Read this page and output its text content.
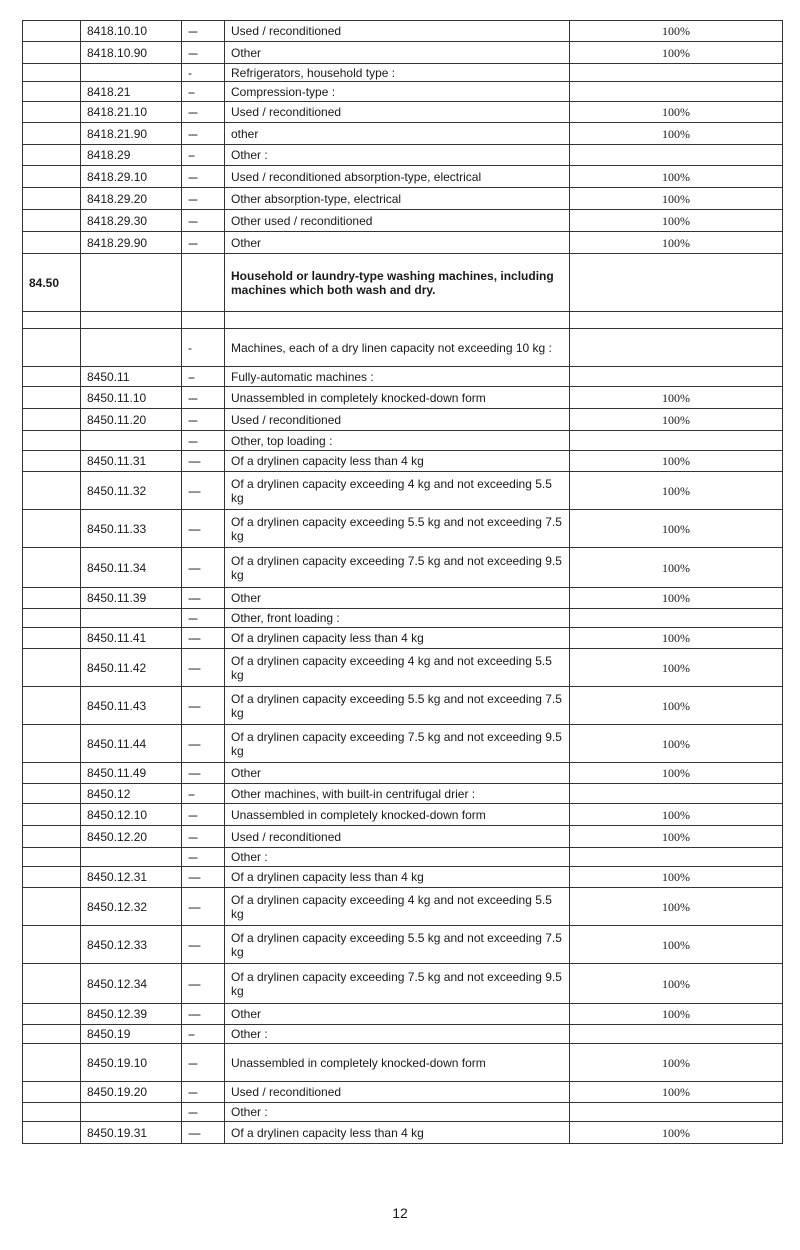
	8418.10.10	---	Used / reconditioned	100%
	8418.10.90	---	Other	100%
		-	Refrigerators, household type :	
	8418.21	--	Compression-type :	
	8418.21.10	---	Used / reconditioned	100%
	8418.21.90	---	other	100%
	8418.29	--	Other :	
	8418.29.10	---	Used / reconditioned absorption-type, electrical	100%
	8418.29.20	---	Other absorption-type, electrical	100%
	8418.29.30	---	Other used / reconditioned	100%
	8418.29.90	---	Other	100%
84.50			Household or laundry-type washing machines, including machines which both wash and dry.	

		-	Machines, each of a dry linen capacity not exceeding 10 kg :	
	8450.11	--	Fully-automatic machines :	
	8450.11.10	---	Unassembled in completely knocked-down form	100%
	8450.11.20	---	Used / reconditioned	100%
		---	Other, top loading :	
	8450.11.31	----	Of a drylinen capacity less than 4 kg	100%
	8450.11.32	----	Of a drylinen capacity exceeding 4 kg and not exceeding 5.5 kg	100%
	8450.11.33	----	Of a drylinen capacity exceeding 5.5 kg and not exceeding 7.5 kg	100%
	8450.11.34	----	Of a drylinen capacity exceeding 7.5 kg and not exceeding 9.5 kg	100%
	8450.11.39	----	Other	100%
		---	Other, front loading :	
	8450.11.41	----	Of a drylinen capacity less than 4 kg	100%
	8450.11.42	----	Of a drylinen capacity exceeding 4 kg and not exceeding 5.5 kg	100%
	8450.11.43	----	Of a drylinen capacity exceeding 5.5 kg and not exceeding 7.5 kg	100%
	8450.11.44	----	Of a drylinen capacity exceeding 7.5 kg and not exceeding 9.5 kg	100%
	8450.11.49	----	Other	100%
	8450.12	--	Other machines, with built-in centrifugal drier :	
	8450.12.10	---	Unassembled in completely knocked-down form	100%
	8450.12.20	---	Used / reconditioned	100%
		---	Other :	
	8450.12.31	----	Of a drylinen capacity less than 4 kg	100%
	8450.12.32	----	Of a drylinen capacity exceeding 4 kg and not exceeding 5.5 kg	100%
	8450.12.33	----	Of a drylinen capacity exceeding 5.5 kg and not exceeding 7.5 kg	100%
	8450.12.34	----	Of a drylinen capacity exceeding 7.5 kg and not exceeding 9.5 kg	100%
	8450.12.39	----	Other	100%
	8450.19	--	Other :	
	8450.19.10	---	Unassembled in completely knocked-down form	100%
	8450.19.20	---	Used / reconditioned	100%
		---	Other :	
	8450.19.31	----	Of a drylinen capacity less than 4 kg	100%
12
